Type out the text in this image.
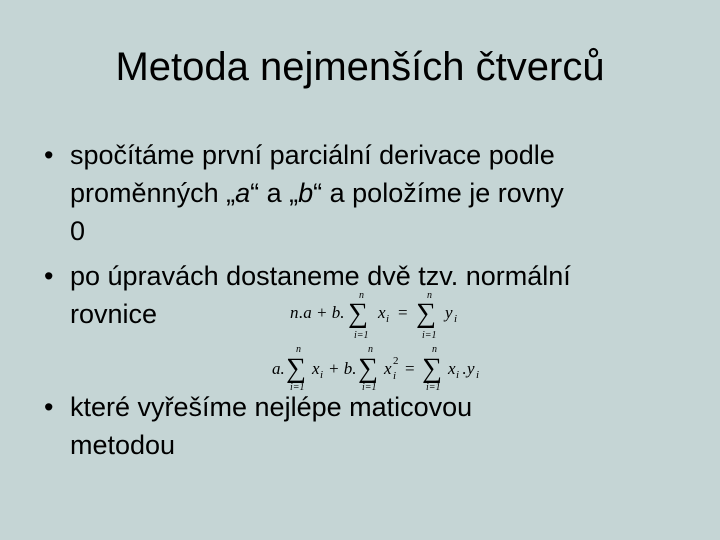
Metoda nejmenších čtverců
• spočítáme první parciální derivace podle
proměnných „a“ a „b“ a položíme je rovny
0
• po úpravách dostaneme dvě tzv. normální
rovnice	n .a + b.
n
∑
i=1
x i =
n
∑
i=1
y i
a.
n
∑
i=1
x i + b.
n
∑
i=1
x 2
i =
n
∑
i=1
x i . y i
• které vyřešíme nejlépe maticovou
metodou
